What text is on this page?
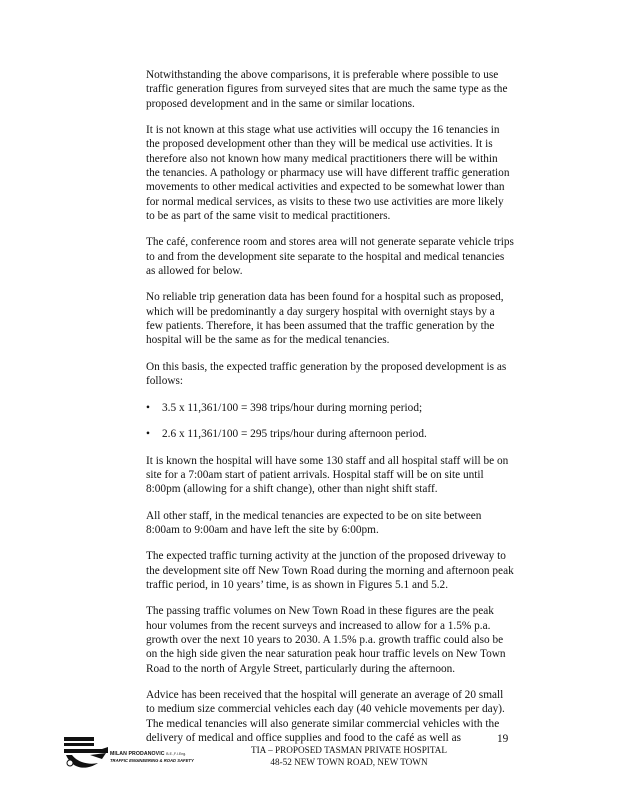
Notwithstanding the above comparisons, it is preferable where possible to use traffic generation figures from surveyed sites that are much the same type as the proposed development and in the same or similar locations.

It is not known at this stage what use activities will occupy the 16 tenancies in the proposed development other than they will be medical use activities. It is therefore also not known how many medical practitioners there will be within the tenancies. A pathology or pharmacy use will have different traffic generation movements to other medical activities and expected to be somewhat lower than for normal medical services, as visits to these two use activities are more likely to be as part of the same visit to medical practitioners.

The café, conference room and stores area will not generate separate vehicle trips to and from the development site separate to the hospital and medical tenancies as allowed for below.

No reliable trip generation data has been found for a hospital such as proposed, which will be predominantly a day surgery hospital with overnight stays by a few patients. Therefore, it has been assumed that the traffic generation by the hospital will be the same as for the medical tenancies.

On this basis, the expected traffic generation by the proposed development is as follows:

• 3.5 x 11,361/100 = 398 trips/hour during morning period;
• 2.6 x 11,361/100 = 295 trips/hour during afternoon period.

It is known the hospital will have some 130 staff and all hospital staff will be on site for a 7:00am start of patient arrivals. Hospital staff will be on site until 8:00pm (allowing for a shift change), other than night shift staff.

All other staff, in the medical tenancies are expected to be on site between 8:00am to 9:00am and have left the site by 6:00pm.

The expected traffic turning activity at the junction of the proposed driveway to the development site off New Town Road during the morning and afternoon peak traffic period, in 10 years’ time, is as shown in Figures 5.1 and 5.2.

The passing traffic volumes on New Town Road in these figures are the peak hour volumes from the recent surveys and increased to allow for a 1.5% p.a. growth over the next 10 years to 2030. A 1.5% p.a. growth traffic could also be on the high side given the near saturation peak hour traffic levels on New Town Road to the north of Argyle Street, particularly during the afternoon.

Advice has been received that the hospital will generate an average of 20 small to medium size commercial vehicles each day (40 vehicle movements per day). The medical tenancies will also generate similar commercial vehicles with the delivery of medical and office supplies and food to the café as well as

MILAN PRODANOVIC B.E.,F.I.Eng.
TRAFFIC ENGINEERING & ROAD SAFETY
19
TIA – PROPOSED TASMAN PRIVATE HOSPITAL
48-52 NEW TOWN ROAD, NEW TOWN
